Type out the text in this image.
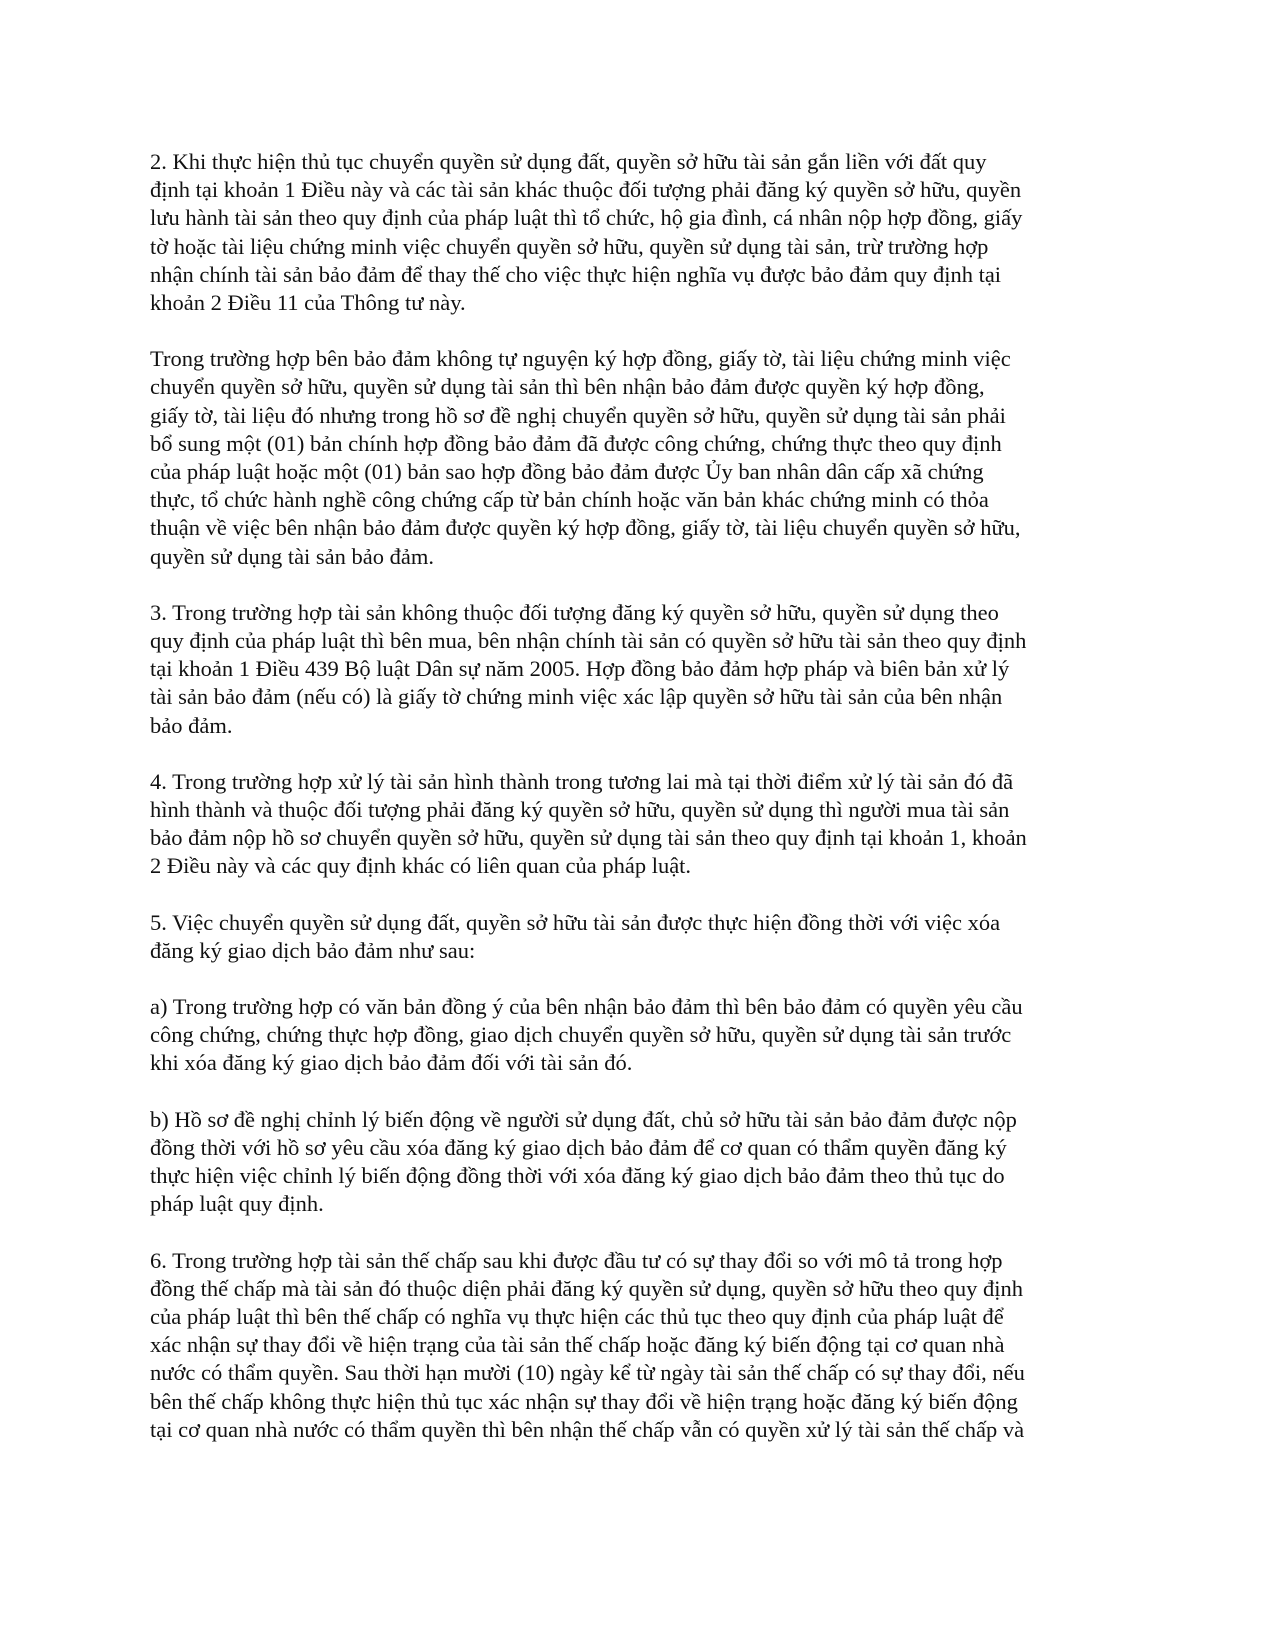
2. Khi thực hiện thủ tục chuyển quyền sử dụng đất, quyền sở hữu tài sản gắn liền với đất quy
định tại khoản 1 Điều này và các tài sản khác thuộc đối tượng phải đăng ký quyền sở hữu, quyền
lưu hành tài sản theo quy định của pháp luật thì tổ chức, hộ gia đình, cá nhân nộp hợp đồng, giấy
tờ hoặc tài liệu chứng minh việc chuyển quyền sở hữu, quyền sử dụng tài sản, trừ trường hợp
nhận chính tài sản bảo đảm để thay thế cho việc thực hiện nghĩa vụ được bảo đảm quy định tại
khoản 2 Điều 11 của Thông tư này.

Trong trường hợp bên bảo đảm không tự nguyện ký hợp đồng, giấy tờ, tài liệu chứng minh việc
chuyển quyền sở hữu, quyền sử dụng tài sản thì bên nhận bảo đảm được quyền ký hợp đồng,
giấy tờ, tài liệu đó nhưng trong hồ sơ đề nghị chuyển quyền sở hữu, quyền sử dụng tài sản phải
bổ sung một (01) bản chính hợp đồng bảo đảm đã được công chứng, chứng thực theo quy định
của pháp luật hoặc một (01) bản sao hợp đồng bảo đảm được Ủy ban nhân dân cấp xã chứng
thực, tổ chức hành nghề công chứng cấp từ bản chính hoặc văn bản khác chứng minh có thỏa
thuận về việc bên nhận bảo đảm được quyền ký hợp đồng, giấy tờ, tài liệu chuyển quyền sở hữu,
quyền sử dụng tài sản bảo đảm.

3. Trong trường hợp tài sản không thuộc đối tượng đăng ký quyền sở hữu, quyền sử dụng theo
quy định của pháp luật thì bên mua, bên nhận chính tài sản có quyền sở hữu tài sản theo quy định
tại khoản 1 Điều 439 Bộ luật Dân sự năm 2005. Hợp đồng bảo đảm hợp pháp và biên bản xử lý
tài sản bảo đảm (nếu có) là giấy tờ chứng minh việc xác lập quyền sở hữu tài sản của bên nhận
bảo đảm.

4. Trong trường hợp xử lý tài sản hình thành trong tương lai mà tại thời điểm xử lý tài sản đó đã
hình thành và thuộc đối tượng phải đăng ký quyền sở hữu, quyền sử dụng thì người mua tài sản
bảo đảm nộp hồ sơ chuyển quyền sở hữu, quyền sử dụng tài sản theo quy định tại khoản 1, khoản
2 Điều này và các quy định khác có liên quan của pháp luật.

5. Việc chuyển quyền sử dụng đất, quyền sở hữu tài sản được thực hiện đồng thời với việc xóa
đăng ký giao dịch bảo đảm như sau:

a) Trong trường hợp có văn bản đồng ý của bên nhận bảo đảm thì bên bảo đảm có quyền yêu cầu
công chứng, chứng thực hợp đồng, giao dịch chuyển quyền sở hữu, quyền sử dụng tài sản trước
khi xóa đăng ký giao dịch bảo đảm đối với tài sản đó.

b) Hồ sơ đề nghị chỉnh lý biến động về người sử dụng đất, chủ sở hữu tài sản bảo đảm được nộp
đồng thời với hồ sơ yêu cầu xóa đăng ký giao dịch bảo đảm để cơ quan có thẩm quyền đăng ký
thực hiện việc chỉnh lý biến động đồng thời với xóa đăng ký giao dịch bảo đảm theo thủ tục do
pháp luật quy định.

6. Trong trường hợp tài sản thế chấp sau khi được đầu tư có sự thay đổi so với mô tả trong hợp
đồng thế chấp mà tài sản đó thuộc diện phải đăng ký quyền sử dụng, quyền sở hữu theo quy định
của pháp luật thì bên thế chấp có nghĩa vụ thực hiện các thủ tục theo quy định của pháp luật để
xác nhận sự thay đổi về hiện trạng của tài sản thế chấp hoặc đăng ký biến động tại cơ quan nhà
nước có thẩm quyền. Sau thời hạn mười (10) ngày kể từ ngày tài sản thế chấp có sự thay đổi, nếu
bên thế chấp không thực hiện thủ tục xác nhận sự thay đổi về hiện trạng hoặc đăng ký biến động
tại cơ quan nhà nước có thẩm quyền thì bên nhận thế chấp vẫn có quyền xử lý tài sản thế chấp và
